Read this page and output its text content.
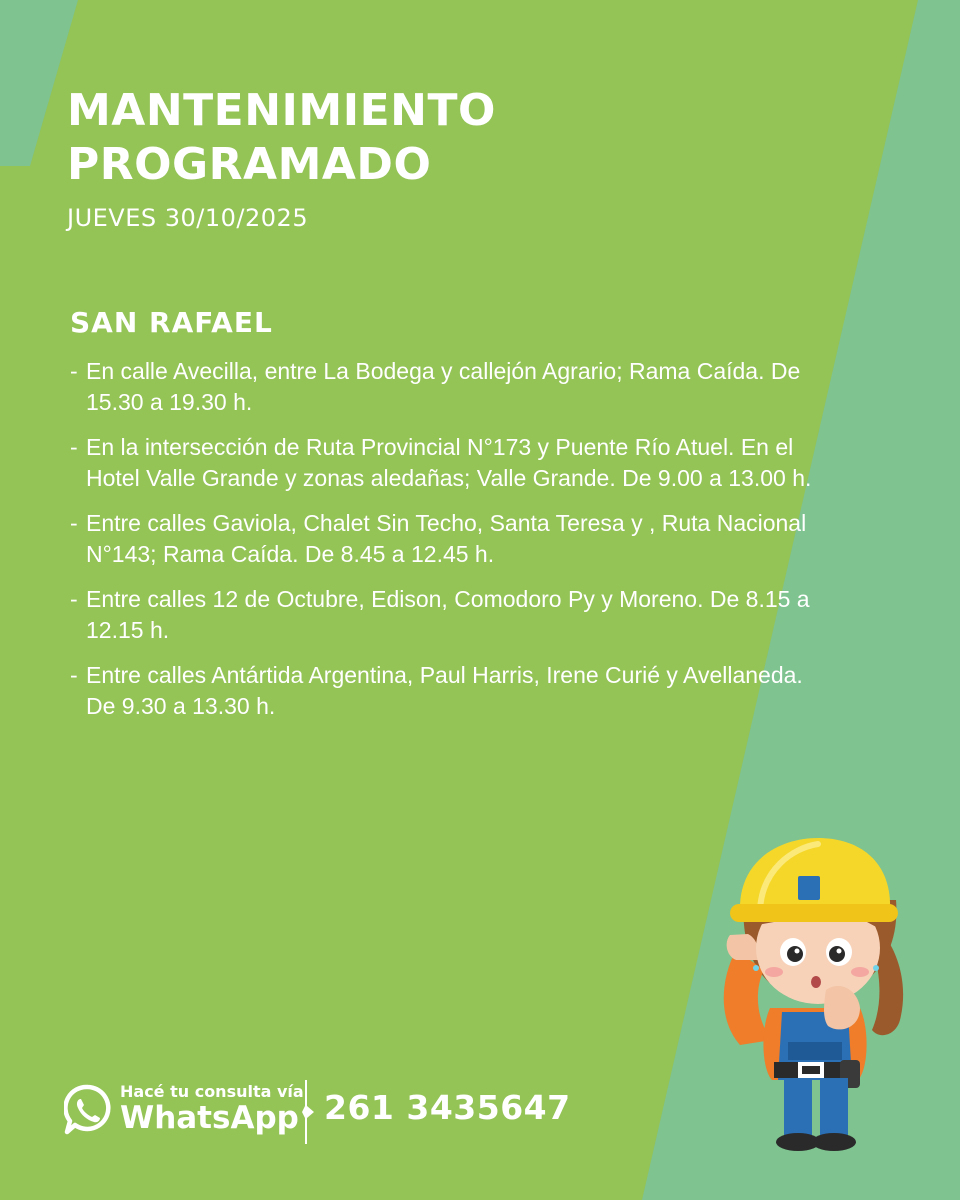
MANTENIMIENTO
PROGRAMADO
JUEVES 30/10/2025
SAN RAFAEL
- En calle Avecilla, entre La Bodega y callejón Agrario; Rama Caída. De 15.30 a 19.30 h.
- En la intersección de Ruta Provincial N°173 y Puente Río Atuel. En el Hotel Valle Grande y zonas aledañas; Valle Grande. De 9.00 a 13.00 h.
- Entre calles Gaviola, Chalet Sin Techo, Santa Teresa y , Ruta Nacional N°143; Rama Caída. De 8.45 a 12.45 h.
- Entre calles 12 de Octubre, Edison, Comodoro Py y Moreno. De 8.15 a 12.15 h.
- Entre calles Antártida Argentina, Paul Harris, Irene Curié y Avellaneda. De 9.30 a 13.30 h.
Hacé tu consulta vía
WhatsApp 261 3435647
